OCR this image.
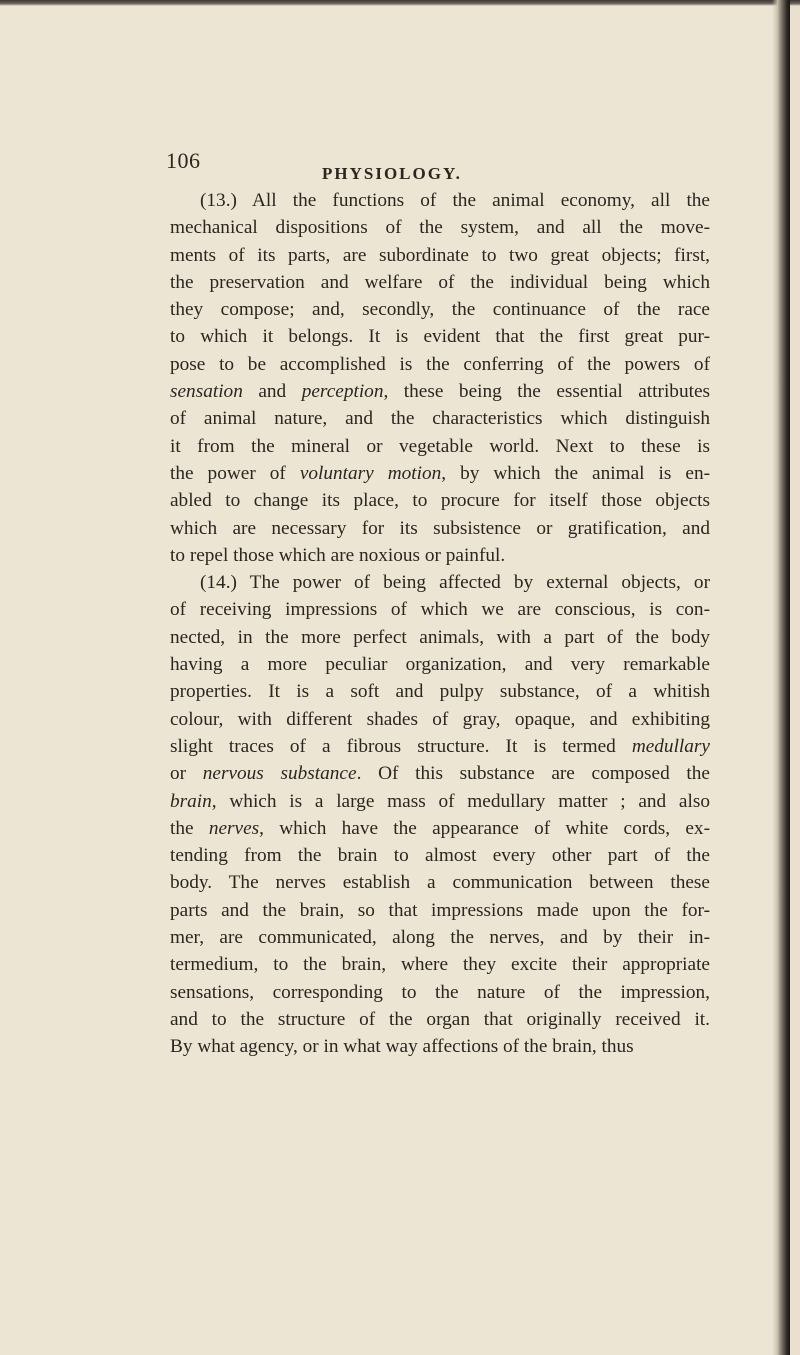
106
PHYSIOLOGY.
(13.) All the functions of the animal economy, all the
mechanical dispositions of the system, and all the move-
ments of its parts, are subordinate to two great objects; first,
the preservation and welfare of the individual being which
they compose; and, secondly, the continuance of the race
to which it belongs. It is evident that the first great pur-
pose to be accomplished is the conferring of the powers of
sensation and perception, these being the essential attributes
of animal nature, and the characteristics which distinguish
it from the mineral or vegetable world. Next to these is
the power of voluntary motion, by which the animal is en-
abled to change its place, to procure for itself those objects
which are necessary for its subsistence or gratification, and
to repel those which are noxious or painful.
(14.) The power of being affected by external objects, or
of receiving impressions of which we are conscious, is con-
nected, in the more perfect animals, with a part of the body
having a more peculiar organization, and very remarkable
properties. It is a soft and pulpy substance, of a whitish
colour, with different shades of gray, opaque, and exhibiting
slight traces of a fibrous structure. It is termed medullary
or nervous substance. Of this substance are composed the
brain, which is a large mass of medullary matter ; and also
the nerves, which have the appearance of white cords, ex-
tending from the brain to almost every other part of the
body. The nerves establish a communication between these
parts and the brain, so that impressions made upon the for-
mer, are communicated, along the nerves, and by their in-
termedium, to the brain, where they excite their appropriate
sensations, corresponding to the nature of the impression,
and to the structure of the organ that originally received it.
By what agency, or in what way affections of the brain, thus
